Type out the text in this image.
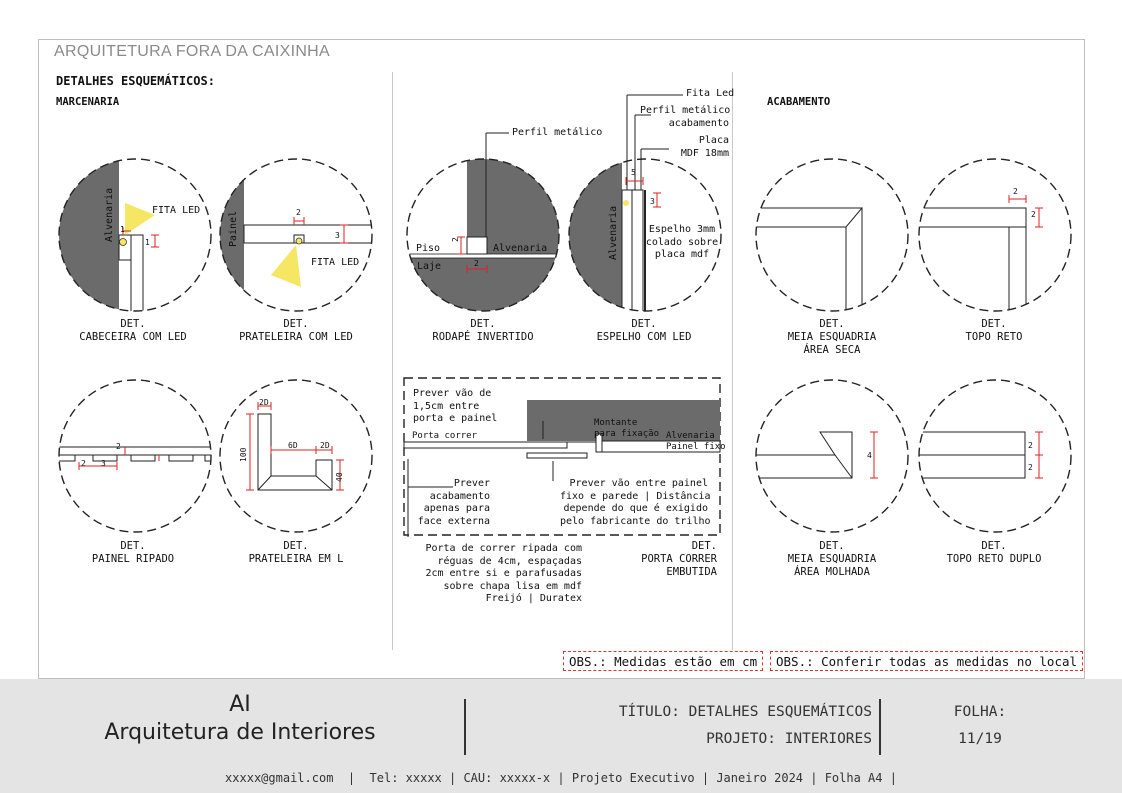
ARQUITETURA FORA DA CAIXINHA
DETALHES ESQUEMÁTICOS:
MARCENARIA	ACABAMENTO
Alvenaria	FITA LED
1
1
DET.
CABECEIRA COM LED
Painel
FITA LED
2
3
DET.
PRATELEIRA COM LED
Perfil metálico
Piso
Laje
Alvenaria
2
2
DET.
RODAPÉ INVERTIDO
Alvenaria
Fita Led
Perfil metálico
acabamento
Placa
MDF 18mm
Espelho 3mm
colado sobre
placa mdf
5
3
DET.
ESPELHO COM LED
DET.
MEIA ESQUADRIA
ÁREA SECA
2
2
DET.
TOPO RETO
2
2
3
DET.
PAINEL RIPADO
2D
100
6D	2D
40
DET.
PRATELEIRA EM L
Prever vão de
1,5cm entre
porta e painel
Porta correr
Montante
para fixação Alvenaria
Painel fixo
Prever
acabamento
apenas para
face externa
Prever vão entre painel
fixo e parede | Distância
depende do que é exigido
pelo fabricante do trilho
Porta de correr ripada com
réguas de 4cm, espaçadas
2cm entre si e parafusadas
sobre chapa lisa em mdf
Freijó | Duratex
DET.
PORTA CORRER
EMBUTIDA
4
DET.
MEIA ESQUADRIA
ÁREA MOLHADA
2
2
DET.
TOPO RETO DUPLO
OBS.: Medidas estão em cm	OBS.: Conferir todas as medidas no local
AI
Arquitetura de Interiores
TÍTULO: DETALHES ESQUEMÁTICOS
PROJETO: INTERIORES
FOLHA:
11/19
xxxxx@gmail.com  |  Tel: xxxxx | CAU: xxxxx-x | Projeto Executivo | Janeiro 2024 | Folha A4 |
